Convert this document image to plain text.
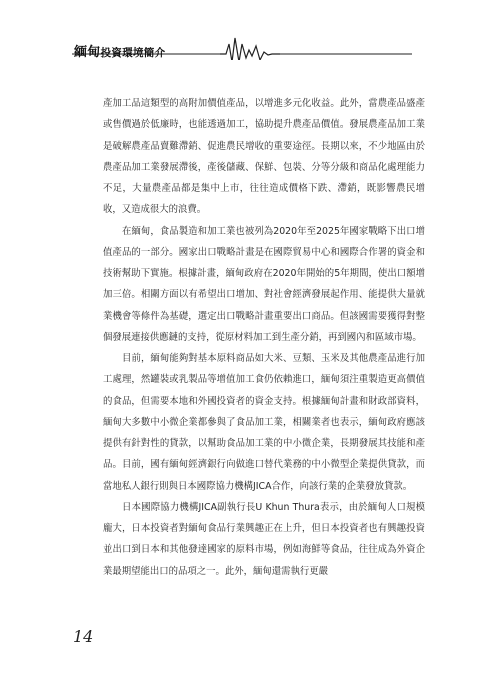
緬甸投資環境簡介

產加工品這類型的高附加價值產品，以增進多元化收益。此外，當農產品盛產或售價過於低廉時，也能透過加工，協助提升農產品價值。發展農產品加工業是破解農產品賣難滯銷、促進農民增收的重要途徑。長期以來，不少地區由於農產品加工業發展滯後，產後儲藏、保鮮、包裝、分等分級和商品化處理能力不足，大量農產品都是集中上市，往往造成價格下跌、滯銷，既影響農民增收，又造成很大的浪費。

在緬甸，食品製造和加工業也被列為2020年至2025年國家戰略下出口增值產品的一部分。國家出口戰略計畫是在國際貿易中心和國際合作署的資金和技術幫助下實施。根據計畫，緬甸政府在2020年開始的5年期間，使出口額增加三倍。相關方面以有希望出口增加、對社會經濟發展起作用、能提供大量就業機會等條件為基礎，選定出口戰略計畫重要出口商品。但該國需要獲得對整個發展連接供應鏈的支持，從原材料加工到生產分銷，再到國內和區域市場。

目前，緬甸能夠對基本原料商品如大米、豆類、玉米及其他農產品進行加工處理，然罐裝或乳製品等增值加工食仍依賴進口，緬甸須注重製造更高價值的食品，但需要本地和外國投資者的資金支持。根據緬甸計畫和財政部資料，緬甸大多數中小微企業都參與了食品加工業，相關業者也表示，緬甸政府應該提供有針對性的貸款，以幫助食品加工業的中小微企業，長期發展其技能和產品。目前，國有緬甸經濟銀行向做進口替代業務的中小微型企業提供貸款，而當地私人銀行則與日本國際協力機構JICA合作，向該行業的企業發放貸款。

日本國際協力機構JICA副執行長U Khun Thura表示，由於緬甸人口規模龐大，日本投資者對緬甸食品行業興趣正在上升，但日本投資者也有興趣投資並出口到日本和其他發達國家的原料市場，例如海鮮等食品，往往成為外資企業最期望能出口的品項之一。此外，緬甸還需執行更嚴

14
